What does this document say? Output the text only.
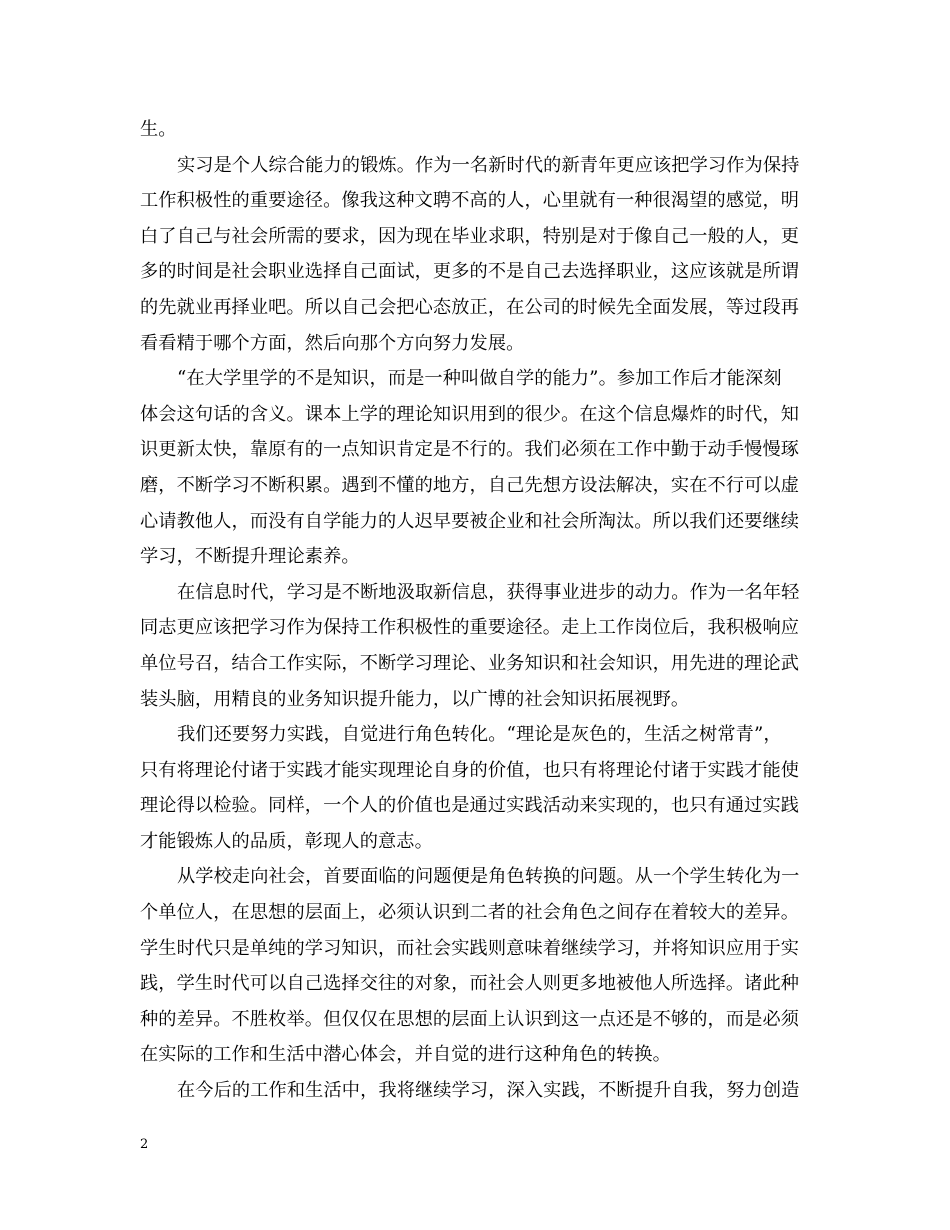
生。
实习是个人综合能力的锻炼。作为一名新时代的新青年更应该把学习作为保持
工作积极性的重要途径。像我这种文聘不高的人，心里就有一种很渴望的感觉，明
白了自己与社会所需的要求，因为现在毕业求职，特别是对于像自己一般的人，更
多的时间是社会职业选择自己面试，更多的不是自己去选择职业，这应该就是所谓
的先就业再择业吧。所以自己会把心态放正，在公司的时候先全面发展，等过段再
看看精于哪个方面，然后向那个方向努力发展。
“在大学里学的不是知识，而是一种叫做自学的能力”。参加工作后才能深刻
体会这句话的含义。课本上学的理论知识用到的很少。在这个信息爆炸的时代，知
识更新太快，靠原有的一点知识肯定是不行的。我们必须在工作中勤于动手慢慢琢
磨，不断学习不断积累。遇到不懂的地方，自己先想方设法解决，实在不行可以虚
心请教他人，而没有自学能力的人迟早要被企业和社会所淘汰。所以我们还要继续
学习，不断提升理论素养。
在信息时代，学习是不断地汲取新信息，获得事业进步的动力。作为一名年轻
同志更应该把学习作为保持工作积极性的重要途径。走上工作岗位后，我积极响应
单位号召，结合工作实际，不断学习理论、业务知识和社会知识，用先进的理论武
装头脑，用精良的业务知识提升能力，以广博的社会知识拓展视野。
我们还要努力实践，自觉进行角色转化。“理论是灰色的，生活之树常青”，
只有将理论付诸于实践才能实现理论自身的价值，也只有将理论付诸于实践才能使
理论得以检验。同样，一个人的价值也是通过实践活动来实现的，也只有通过实践
才能锻炼人的品质，彰现人的意志。
从学校走向社会，首要面临的问题便是角色转换的问题。从一个学生转化为一
个单位人，在思想的层面上，必须认识到二者的社会角色之间存在着较大的差异。
学生时代只是单纯的学习知识，而社会实践则意味着继续学习，并将知识应用于实
践，学生时代可以自己选择交往的对象，而社会人则更多地被他人所选择。诸此种
种的差异。不胜枚举。但仅仅在思想的层面上认识到这一点还是不够的，而是必须
在实际的工作和生活中潜心体会，并自觉的进行这种角色的转换。
在今后的工作和生活中，我将继续学习，深入实践，不断提升自我，努力创造
2
